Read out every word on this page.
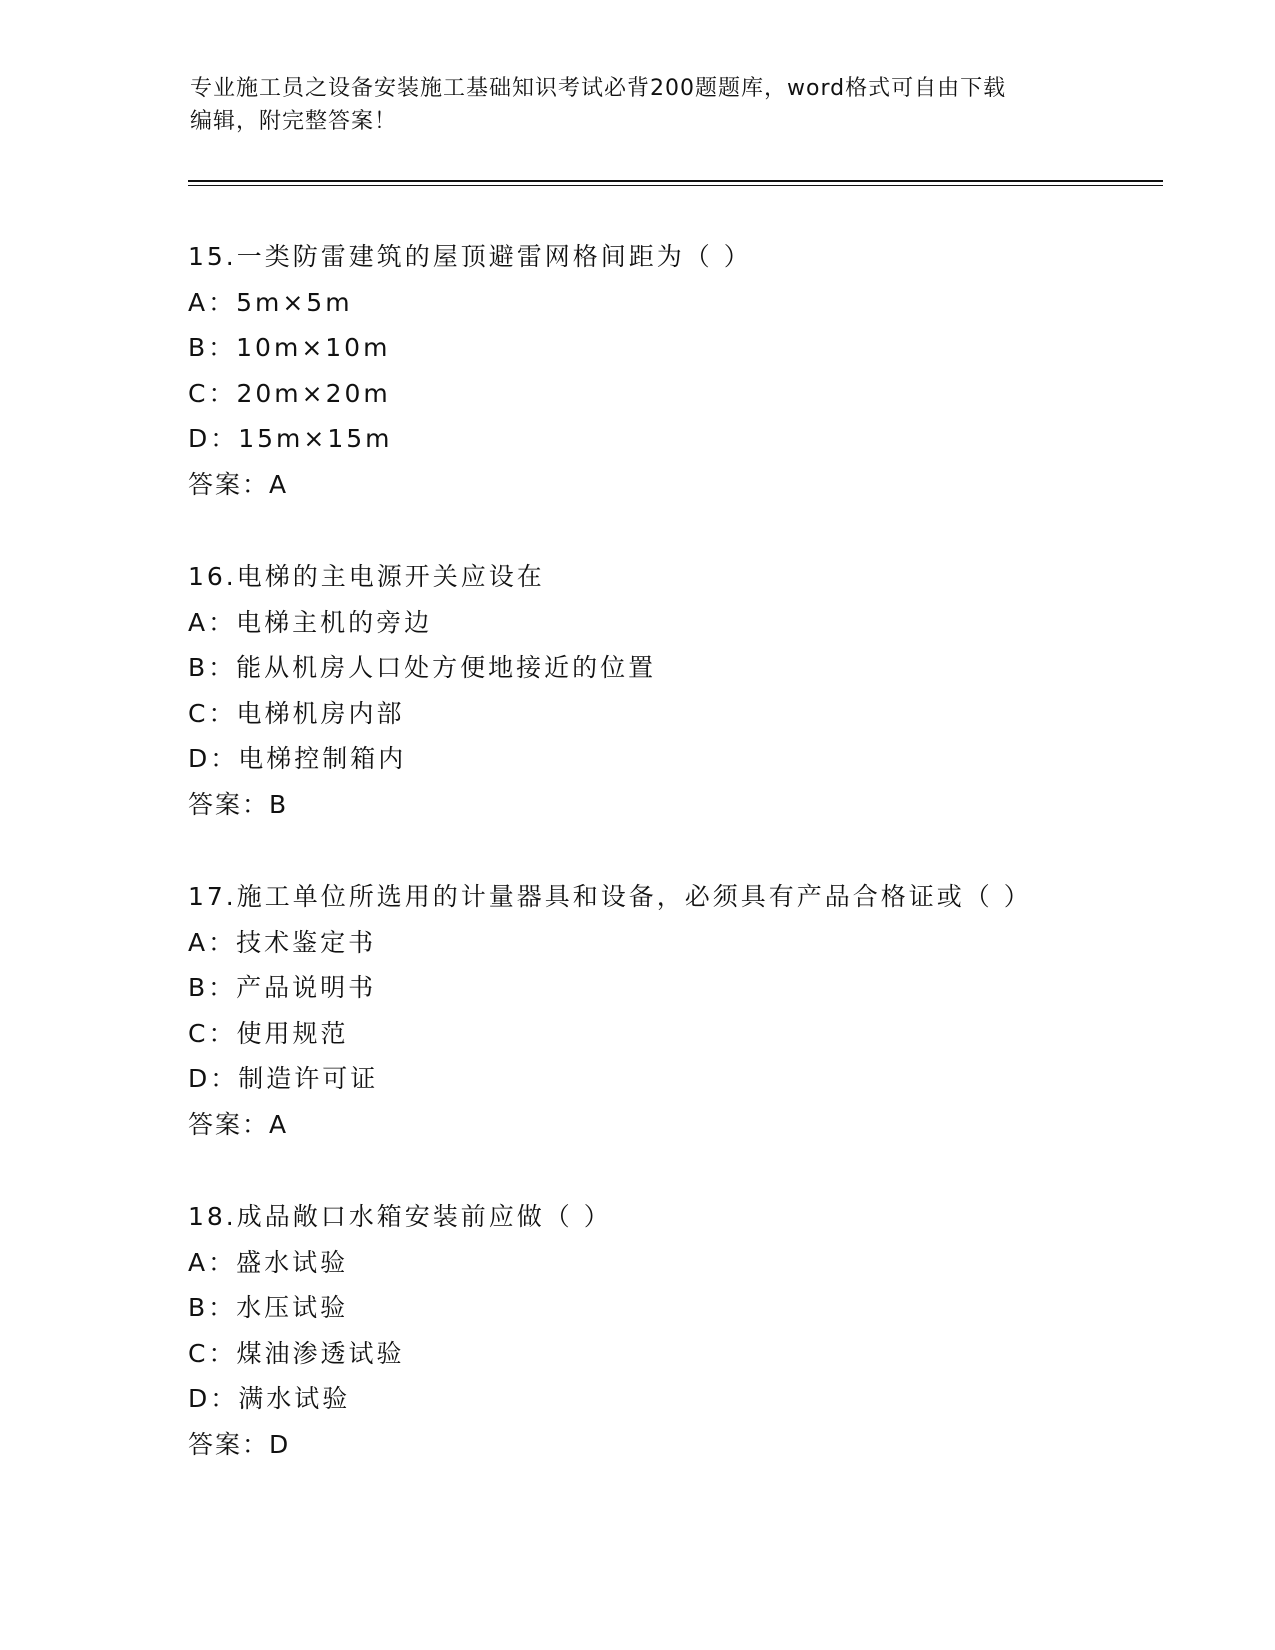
专业施工员之设备安装施工基础知识考试必背200题题库，word格式可自由下载
编辑，附完整答案！
15.一类防雷建筑的屋顶避雷网格间距为（ ）
A：5m×5m
B：10m×10m
C：20m×20m
D：15m×15m
答案：A
16.电梯的主电源开关应设在
A：电梯主机的旁边
B：能从机房人口处方便地接近的位置
C：电梯机房内部
D：电梯控制箱内
答案：B
17.施工单位所选用的计量器具和设备，必须具有产品合格证或（ ）
A：技术鉴定书
B：产品说明书
C：使用规范
D：制造许可证
答案：A
18.成品敞口水箱安装前应做（ ）
A：盛水试验
B：水压试验
C：煤油渗透试验
D：满水试验
答案：D
